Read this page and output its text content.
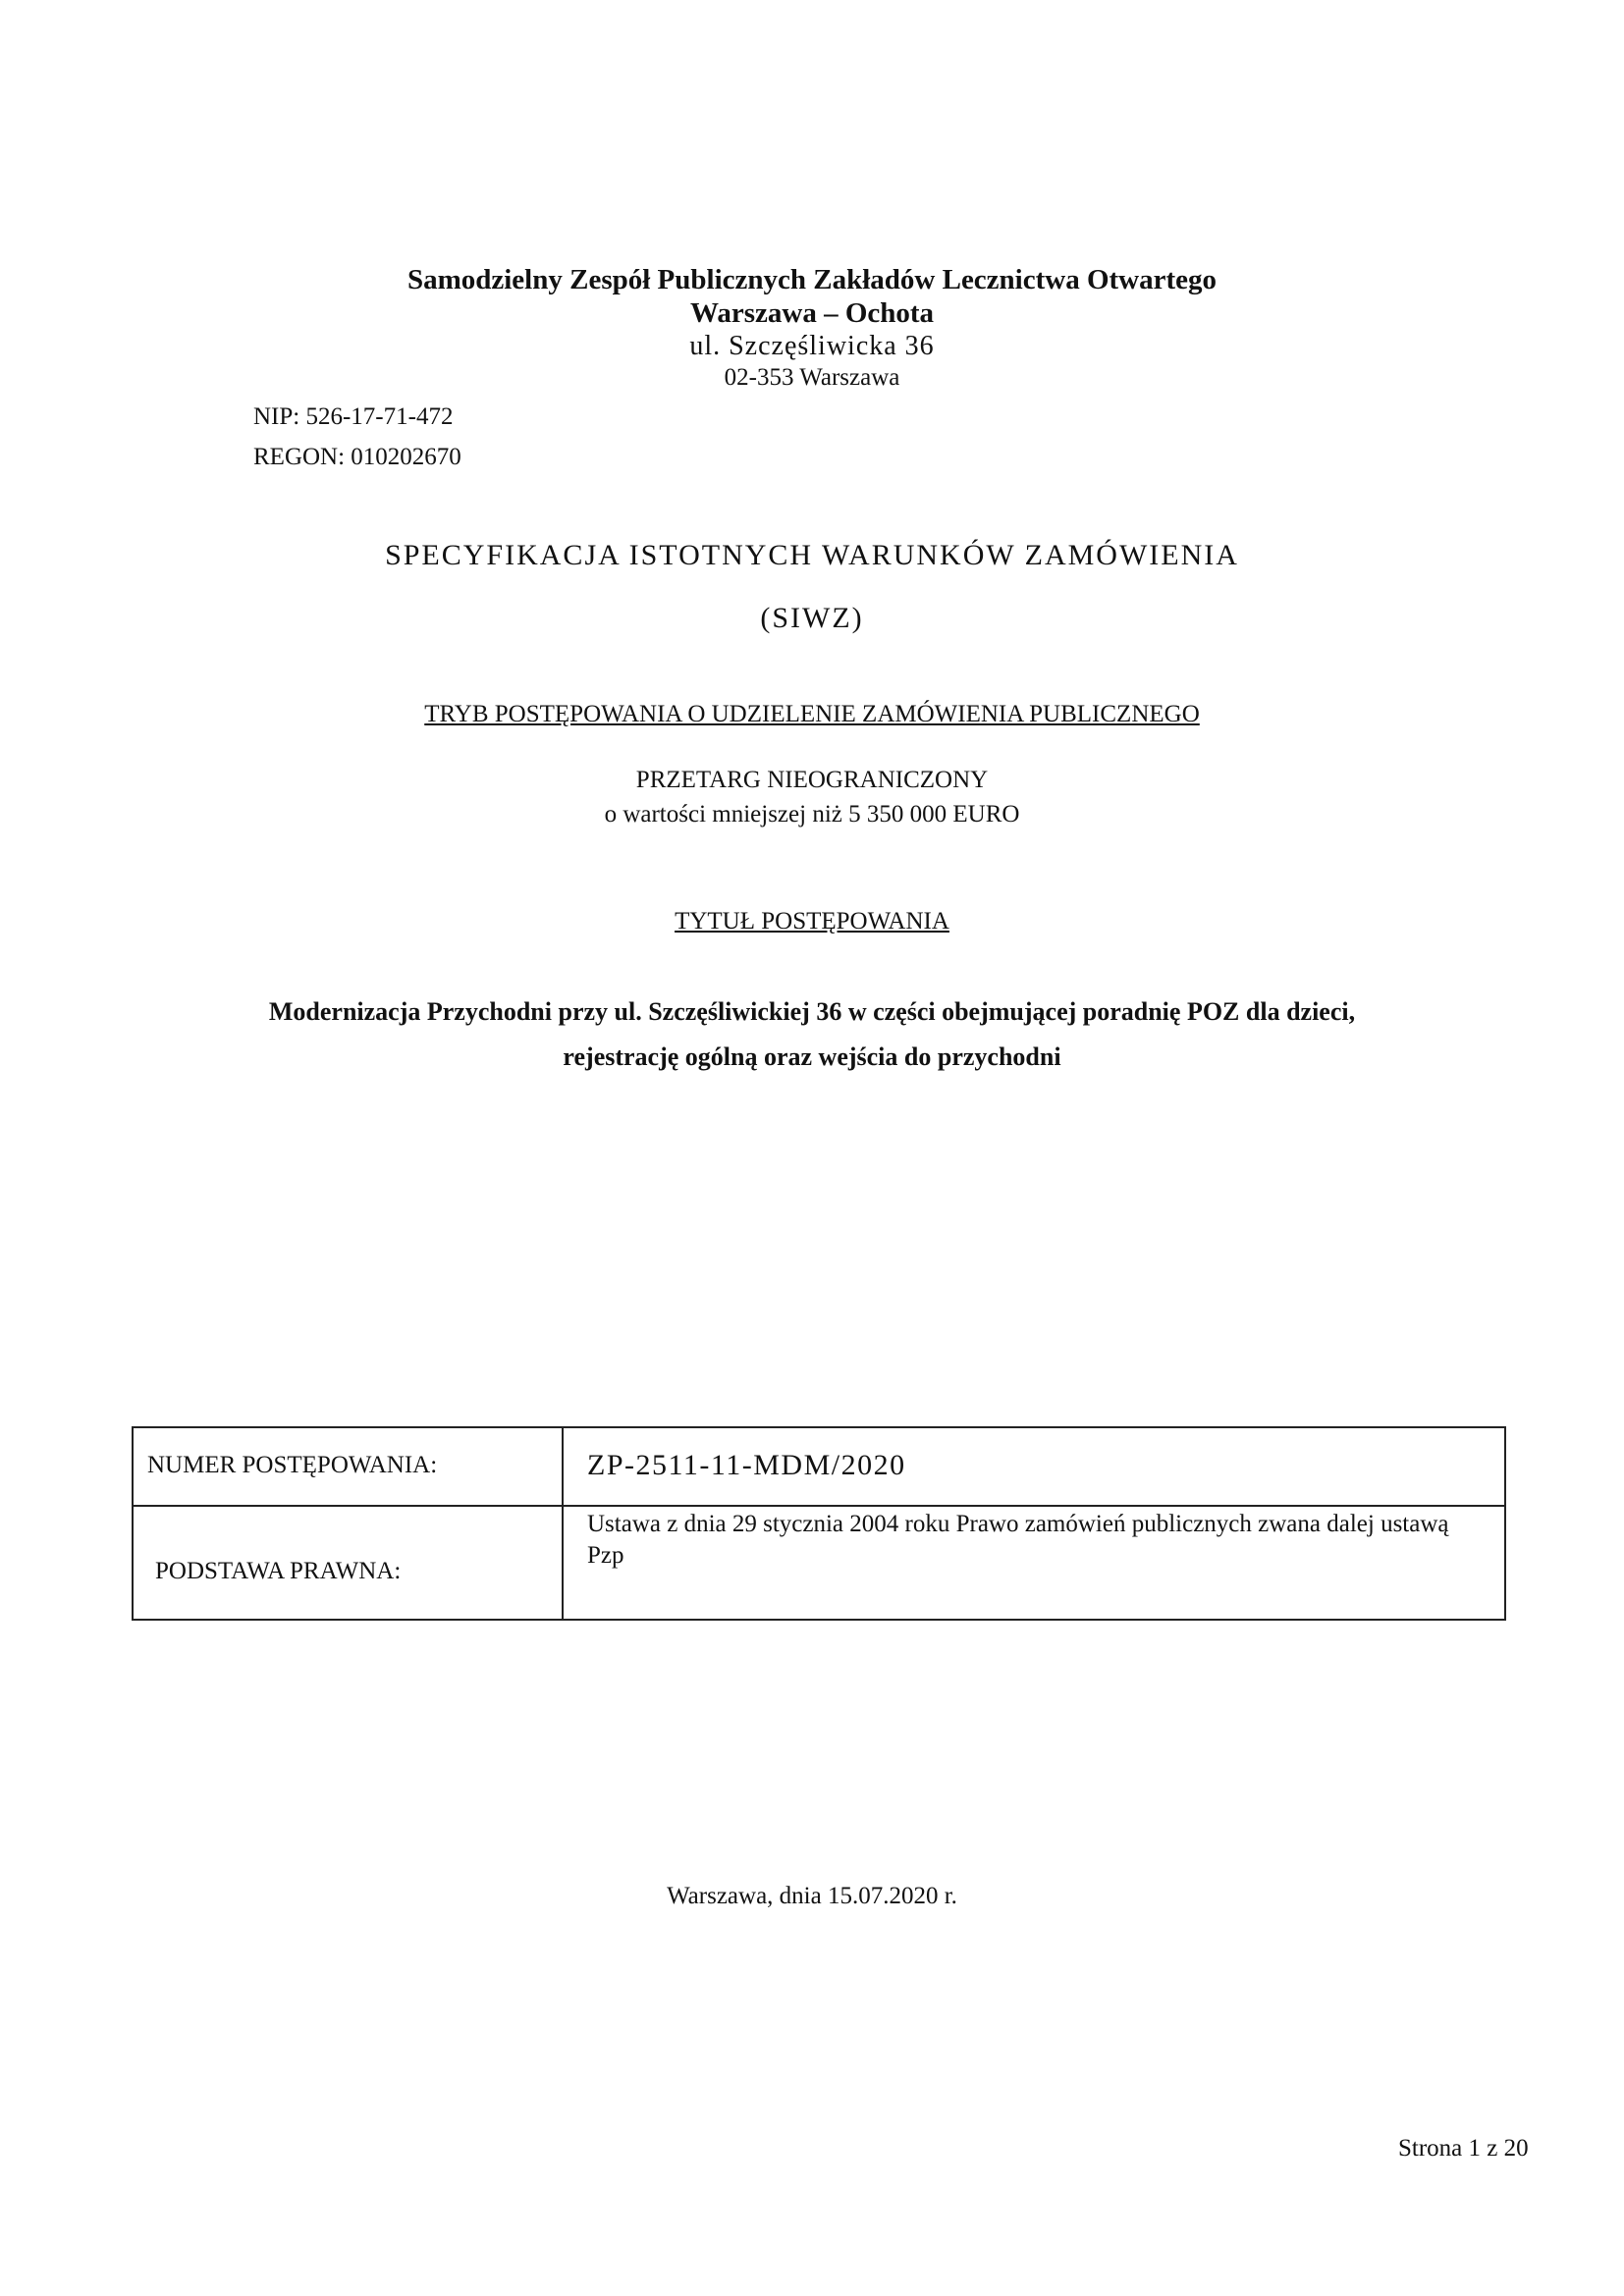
Samodzielny Zespół Publicznych Zakładów Lecznictwa Otwartego
Warszawa – Ochota
ul. Szczęśliwicka 36
02-353 Warszawa
NIP: 526-17-71-472
REGON: 010202670
SPECYFIKACJA ISTOTNYCH WARUNKÓW ZAMÓWIENIA
(SIWZ)
TRYB POSTĘPOWANIA O UDZIELENIE ZAMÓWIENIA PUBLICZNEGO
PRZETARG NIEOGRANICZONY
o wartości mniejszej niż 5 350 000 EURO
TYTUŁ POSTĘPOWANIA
Modernizacja Przychodni przy ul. Szczęśliwickiej 36 w części obejmującej poradnię POZ dla dzieci,
rejestrację ogólną oraz wejścia do przychodni
NUMER POSTĘPOWANIA:	ZP-2511-11-MDM/2020

PODSTAWA PRAWNA:	Ustawa z dnia 29 stycznia 2004 roku Prawo zamówień publicznych zwana dalej ustawą Pzp
Warszawa, dnia 15.07.2020 r.
Strona 1 z 20
